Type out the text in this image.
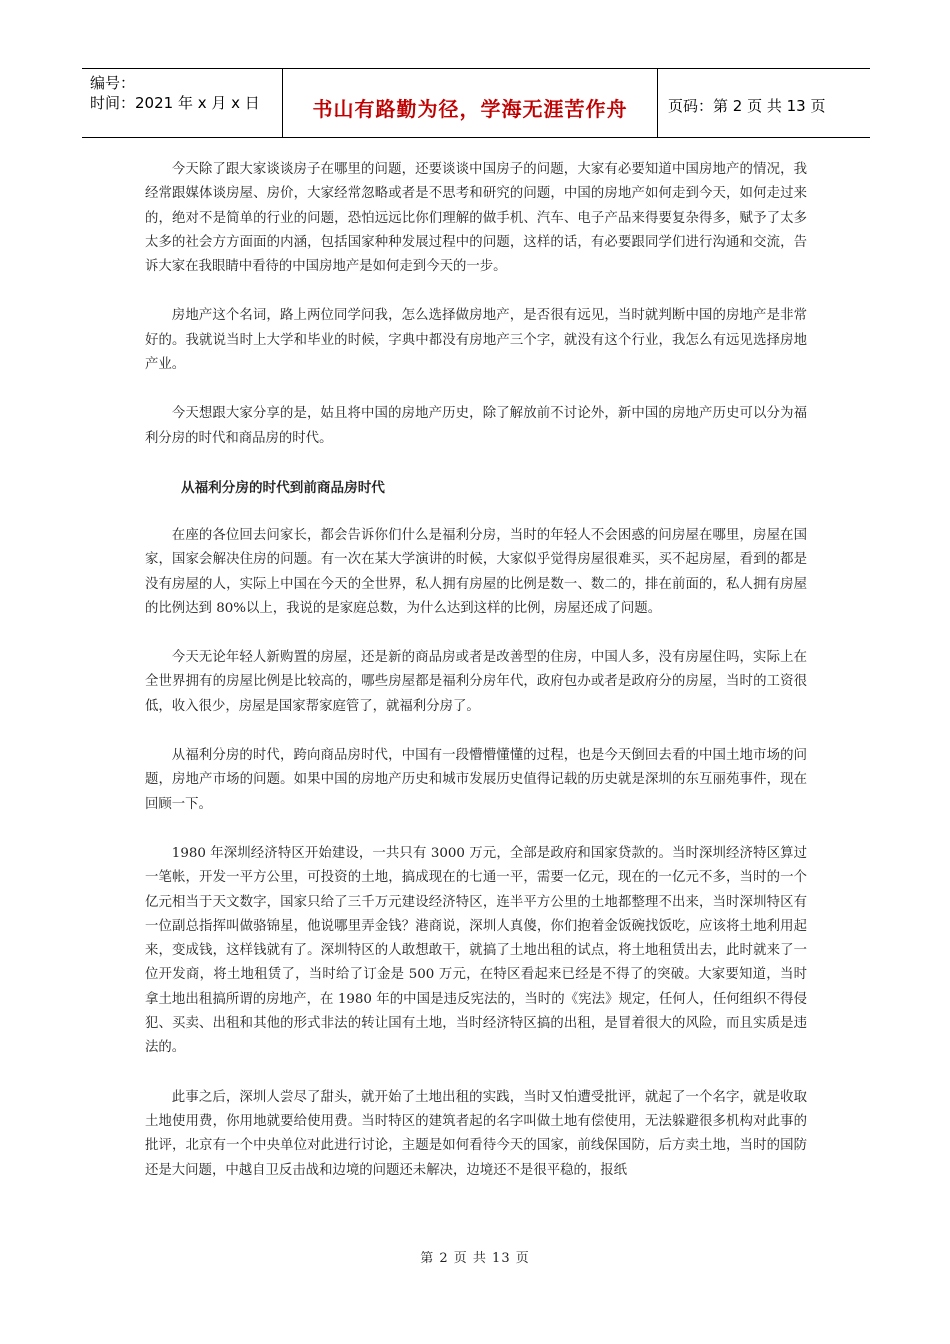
编号：
时间：2021 年 x 月 x 日	书山有路勤为径，学海无涯苦作舟	页码：第 2 页 共 13 页

今天除了跟大家谈谈房子在哪里的问题，还要谈谈中国房子的问题，大家有必要知道中国房地产的情况，我经常跟媒体谈房屋、房价，大家经常忽略或者是不思考和研究的问题，中国的房地产如何走到今天，如何走过来的，绝对不是简单的行业的问题，恐怕远远比你们理解的做手机、汽车、电子产品来得要复杂得多，赋予了太多太多的社会方方面面的内涵，包括国家种种发展过程中的问题，这样的话，有必要跟同学们进行沟通和交流，告诉大家在我眼睛中看待的中国房地产是如何走到今天的一步。

房地产这个名词，路上两位同学问我，怎么选择做房地产，是否很有远见，当时就判断中国的房地产是非常好的。我就说当时上大学和毕业的时候，字典中都没有房地产三个字，就没有这个行业，我怎么有远见选择房地产业。

今天想跟大家分享的是，姑且将中国的房地产历史，除了解放前不讨论外，新中国的房地产历史可以分为福利分房的时代和商品房的时代。

从福利分房的时代到前商品房时代

在座的各位回去问家长，都会告诉你们什么是福利分房，当时的年轻人不会困惑的问房屋在哪里，房屋在国家，国家会解决住房的问题。有一次在某大学演讲的时候，大家似乎觉得房屋很难买，买不起房屋，看到的都是没有房屋的人，实际上中国在今天的全世界，私人拥有房屋的比例是数一、数二的，排在前面的，私人拥有房屋的比例达到 80%以上，我说的是家庭总数，为什么达到这样的比例，房屋还成了问题。

今天无论年轻人新购置的房屋，还是新的商品房或者是改善型的住房，中国人多，没有房屋住吗，实际上在全世界拥有的房屋比例是比较高的，哪些房屋都是福利分房年代，政府包办或者是政府分的房屋，当时的工资很低，收入很少，房屋是国家帮家庭管了，就福利分房了。

从福利分房的时代，跨向商品房时代，中国有一段懵懵懂懂的过程，也是今天倒回去看的中国土地市场的问题，房地产市场的问题。如果中国的房地产历史和城市发展历史值得记载的历史就是深圳的东互丽苑事件，现在回顾一下。

1980 年深圳经济特区开始建设，一共只有 3000 万元，全部是政府和国家贷款的。当时深圳经济特区算过一笔帐，开发一平方公里，可投资的土地，搞成现在的七通一平，需要一亿元，现在的一亿元不多，当时的一个亿元相当于天文数字，国家只给了三千万元建设经济特区，连半平方公里的土地都整理不出来，当时深圳特区有一位副总指挥叫做骆锦星，他说哪里弄金钱？港商说，深圳人真傻，你们抱着金饭碗找饭吃，应该将土地利用起来，变成钱，这样钱就有了。深圳特区的人敢想敢干，就搞了土地出租的试点，将土地租赁出去，此时就来了一位开发商，将土地租赁了，当时给了订金是 500 万元，在特区看起来已经是不得了的突破。大家要知道，当时拿土地出租搞所谓的房地产，在 1980 年的中国是违反宪法的，当时的《宪法》规定，任何人，任何组织不得侵犯、买卖、出租和其他的形式非法的转让国有土地，当时经济特区搞的出租，是冒着很大的风险，而且实质是违法的。

此事之后，深圳人尝尽了甜头，就开始了土地出租的实践，当时又怕遭受批评，就起了一个名字，就是收取土地使用费，你用地就要给使用费。当时特区的建筑者起的名字叫做土地有偿使用，无法躲避很多机构对此事的批评，北京有一个中央单位对此进行讨论，主题是如何看待今天的国家，前线保国防，后方卖土地，当时的国防还是大问题，中越自卫反击战和边境的问题还未解决，边境还不是很平稳的，报纸

第 2 页 共 13 页
